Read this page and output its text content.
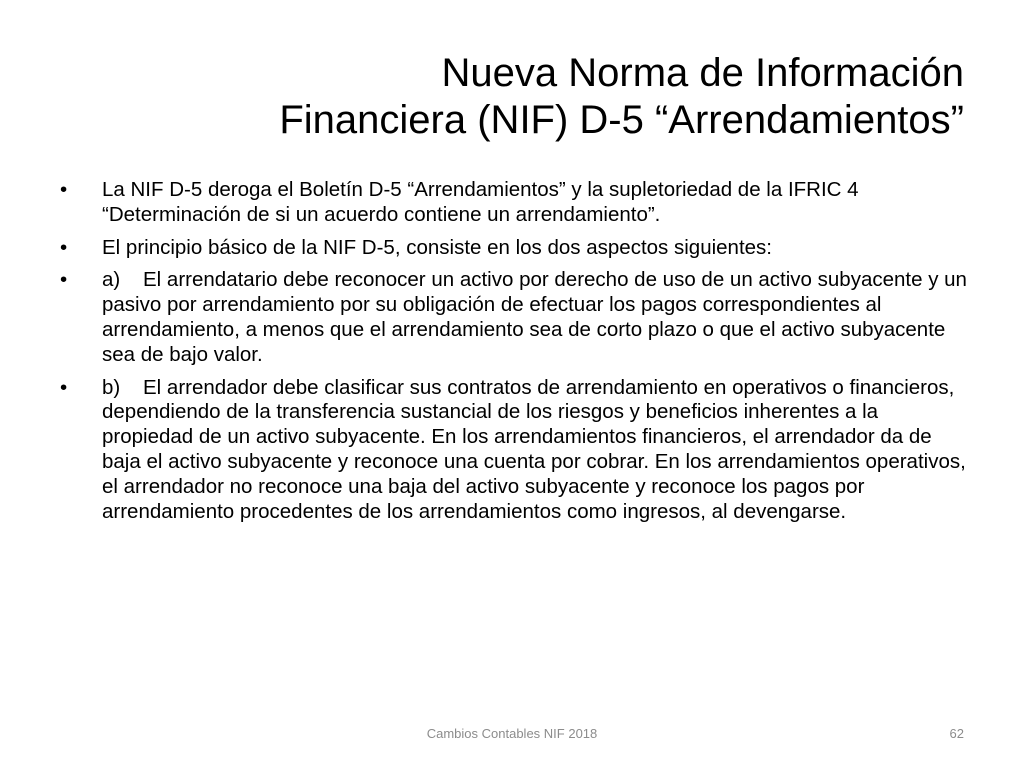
Nueva Norma de Información
Financiera (NIF) D-5 “Arrendamientos”
•	La NIF D-5 deroga el Boletín D-5 “Arrendamientos” y la supletoriedad de la IFRIC 4 “Determinación de si un acuerdo contiene un arrendamiento”.
•	El principio básico de la NIF D-5, consiste en los dos aspectos siguientes:
•	a)    El arrendatario debe reconocer un activo por derecho de uso de un activo subyacente y un pasivo por arrendamiento por su obligación de efectuar los pagos correspondientes al arrendamiento, a menos que el arrendamiento sea de corto plazo o que el activo subyacente sea de bajo valor.
•	b)    El arrendador debe clasificar sus contratos de arrendamiento en operativos o financieros, dependiendo de la transferencia sustancial de los riesgos y beneficios inherentes a la propiedad de un activo subyacente. En los arrendamientos financieros, el arrendador da de baja el activo subyacente y reconoce una cuenta por cobrar. En los arrendamientos operativos, el arrendador no reconoce una baja del activo subyacente y reconoce los pagos por arrendamiento procedentes de los arrendamientos como ingresos, al devengarse.
Cambios Contables NIF 2018	62
